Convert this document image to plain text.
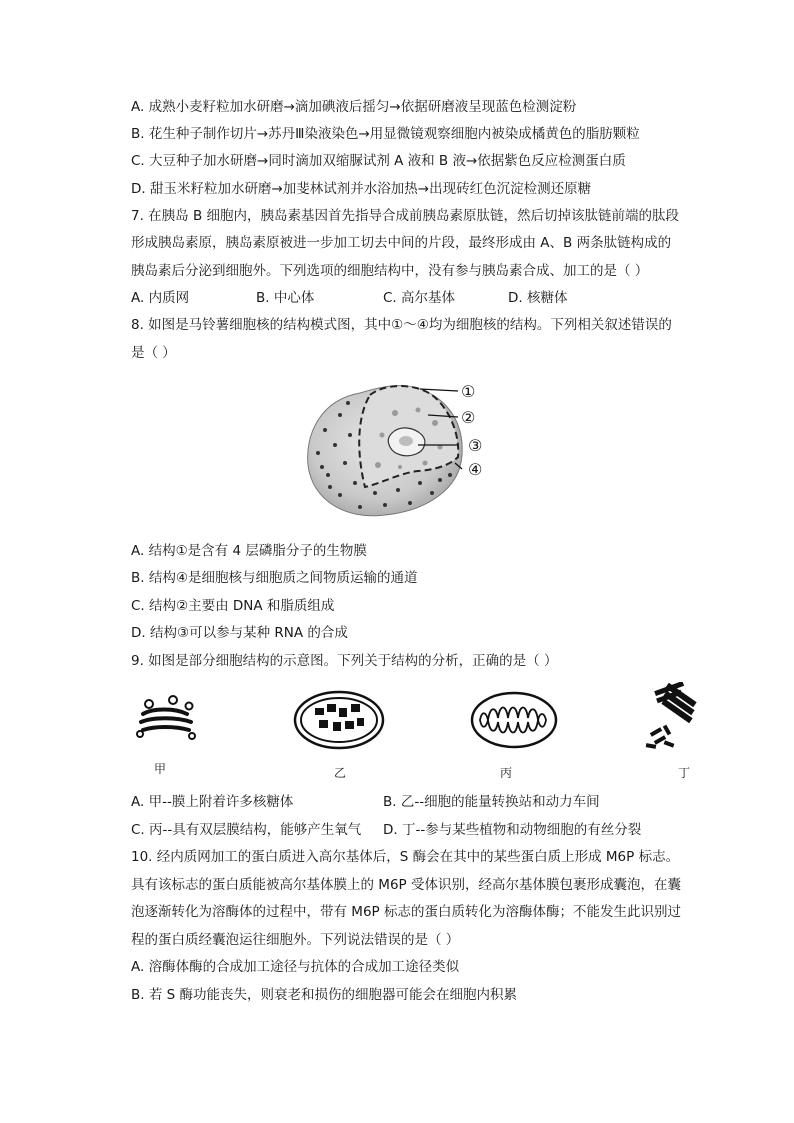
A. 成熟小麦籽粒加水研磨→滴加碘液后摇匀→依据研磨液呈现蓝色检测淀粉
B. 花生种子制作切片→苏丹Ⅲ染液染色→用显微镜观察细胞内被染成橘黄色的脂肪颗粒
C. 大豆种子加水研磨→同时滴加双缩脲试剂 A 液和 B 液→依据紫色反应检测蛋白质
D. 甜玉米籽粒加水研磨→加斐林试剂并水浴加热→出现砖红色沉淀检测还原糖
7. 在胰岛 B 细胞内，胰岛素基因首先指导合成前胰岛素原肽链，然后切掉该肽链前端的肽段
形成胰岛素原，胰岛素原被进一步加工切去中间的片段，最终形成由 A、B 两条肽链构成的
胰岛素后分泌到细胞外。下列选项的细胞结构中，没有参与胰岛素合成、加工的是（ ）
A. 内质网	B. 中心体	C. 高尔基体	D. 核糖体
8. 如图是马铃薯细胞核的结构模式图，其中①～④均为细胞核的结构。下列相关叙述错误的
是（ ）
①
②
③
④
A. 结构①是含有 4 层磷脂分子的生物膜
B. 结构④是细胞核与细胞质之间物质运输的通道
C. 结构②主要由 DNA 和脂质组成
D. 结构③可以参与某种 RNA 的合成
9. 如图是部分细胞结构的示意图。下列关于结构的分析，正确的是（ ）
甲	乙	丙	丁
A. 甲--膜上附着许多核糖体	B. 乙--细胞的能量转换站和动力车间
C. 丙--具有双层膜结构，能够产生氧气 D. 丁--参与某些植物和动物细胞的有丝分裂
10. 经内质网加工的蛋白质进入高尔基体后，S 酶会在其中的某些蛋白质上形成 M6P 标志。
具有该标志的蛋白质能被高尔基体膜上的 M6P 受体识别，经高尔基体膜包裹形成囊泡，在囊
泡逐渐转化为溶酶体的过程中，带有 M6P 标志的蛋白质转化为溶酶体酶；不能发生此识别过
程的蛋白质经囊泡运往细胞外。下列说法错误的是（ ）
A. 溶酶体酶的合成加工途径与抗体的合成加工途径类似
B. 若 S 酶功能丧失，则衰老和损伤的细胞器可能会在细胞内积累
